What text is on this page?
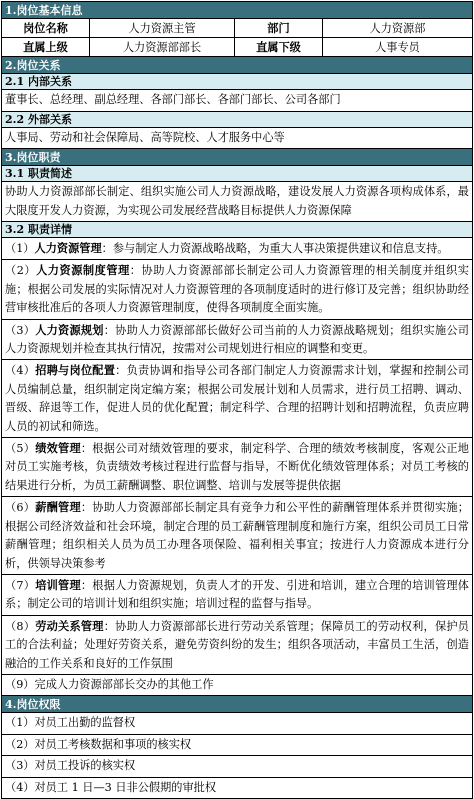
1.岗位基本信息
岗位名称	人力资源主管	部门	人力资源部
直属上级	人力资源部部长	直属下级	人事专员
2.岗位关系
2.1 内部关系
董事长、总经理、副总经理、各部门部长、各部门部长、公司各部门
2.2 外部关系
人事局、劳动和社会保障局、高等院校、人才服务中心等
3.岗位职责
3.1 职责简述
协助人力资源部部长制定、组织实施公司人力资源战略，建设发展人力资源各项构成体系，最大限度开发人力资源，为实现公司发展经营战略目标提供人力资源保障
3.2 职责详情
（1）人力资源管理：参与制定人力资源战略战略，为重大人事决策提供建议和信息支持。
（2）人力资源制度管理：协助人力资源部部长制定公司人力资源管理的相关制度并组织实施；根据公司发展的实际情况对人力资源管理的各项制度适时的进行修订及完善；组织协助经营审核批准后的各项人力资源管理制度，使得各项制度全面实施。
（3）人力资源规划：协助人力资源部部长做好公司当前的人力资源战略规划；组织实施公司人力资源规划并检查其执行情况，按需对公司规划进行相应的调整和变更。
（4）招聘与岗位配置：负责协调和指导公司各部门制定人力资源需求计划，掌握和控制公司人员编制总量，组织制定岗定编方案；根据公司发展计划和人员需求，进行员工招聘、调动、晋级、辞退等工作，促进人员的优化配置；制定科学、合理的招聘计划和招聘流程，负责应聘人员的初试和筛选。
（5）绩效管理：根据公司对绩效管理的要求，制定科学、合理的绩效考核制度，客观公正地对员工实施考核，负责绩效考核过程进行监督与指导，不断优化绩效管理体系；对员工考核的结果进行分析，为员工薪酬调整、职位调整、培训与发展等提供依据
（6）薪酬管理：协助人力资源部部长制定具有竞争力和公平性的薪酬管理体系并贯彻实施；根据公司经济效益和社会环境，制定合理的员工薪酬管理制度和施行方案，组织公司员工日常薪酬管理；组织相关人员为员工办理各项保险、福利相关事宜；按进行人力资源成本进行分析，供领导决策参考
（7）培训管理：根据人力资源规划，负责人才的开发、引进和培训，建立合理的培训管理体系；制定公司的培训计划和组织实施；培训过程的监督与指导。
（8）劳动关系管理：协助人力资源部部长进行劳动关系管理；保障员工的劳动权利，保护员工的合法利益；处理好劳资关系，避免劳资纠纷的发生；组织各项活动，丰富员工生活，创造融洽的工作关系和良好的工作氛围
（9）完成人力资源部部长交办的其他工作
4.岗位权限
（1）对员工出勤的监督权
（2）对员工考核数据和事项的核实权
（3）对员工投诉的核实权
（4）对员工 1 日—3 日非公假期的审批权
